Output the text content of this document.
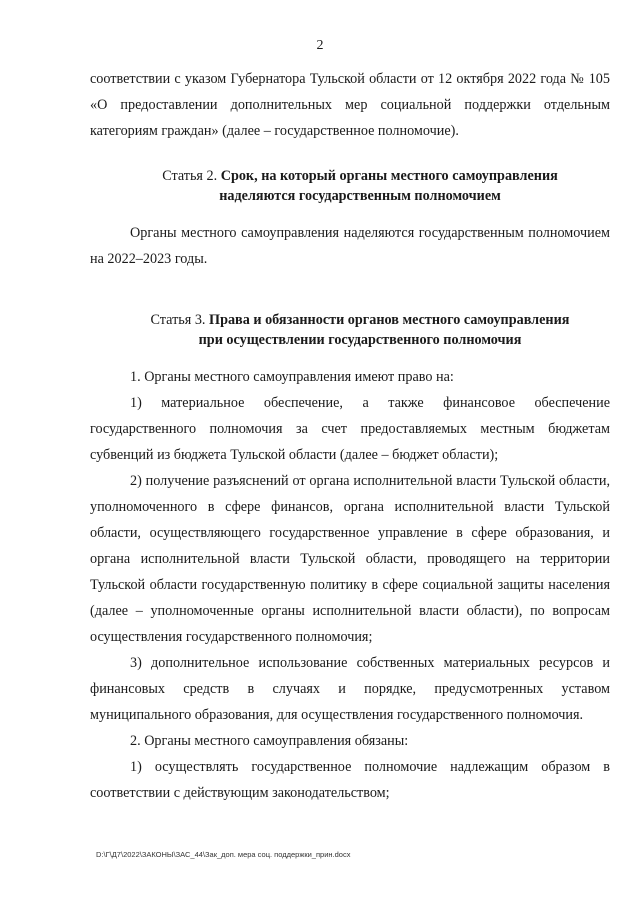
2

соответствии с указом Губернатора Тульской области от 12 октября 2022 года № 105 «О предоставлении дополнительных мер социальной поддержки отдельным категориям граждан» (далее – государственное полномочие).

Статья 2. Срок, на который органы местного самоуправления
наделяются государственным полномочием

Органы местного самоуправления наделяются государственным полномочием на 2022–2023 годы.

Статья 3. Права и обязанности органов местного самоуправления
при осуществлении государственного полномочия

1. Органы местного самоуправления имеют право на:

1) материальное обеспечение, а также финансовое обеспечение государственного полномочия за счет предоставляемых местным бюджетам субвенций из бюджета Тульской области (далее – бюджет области);

2) получение разъяснений от органа исполнительной власти Тульской области, уполномоченного в сфере финансов, органа исполнительной власти Тульской области, осуществляющего государственное управление в сфере образования, и органа исполнительной власти Тульской области, проводящего на территории Тульской области государственную политику в сфере социальной защиты населения (далее – уполномоченные органы исполнительной власти области), по вопросам осуществления государственного полномочия;

3) дополнительное использование собственных материальных ресурсов и финансовых средств в случаях и порядке, предусмотренных уставом муниципального образования, для осуществления государственного полномочия.

2. Органы местного самоуправления обязаны:

1) осуществлять государственное полномочие надлежащим образом в соответствии с действующим законодательством;

D:\Г\Д7\2022\ЗАКОНЫ\ЗАС_44\Зак_доп. мера соц. поддержки_прин.docx
